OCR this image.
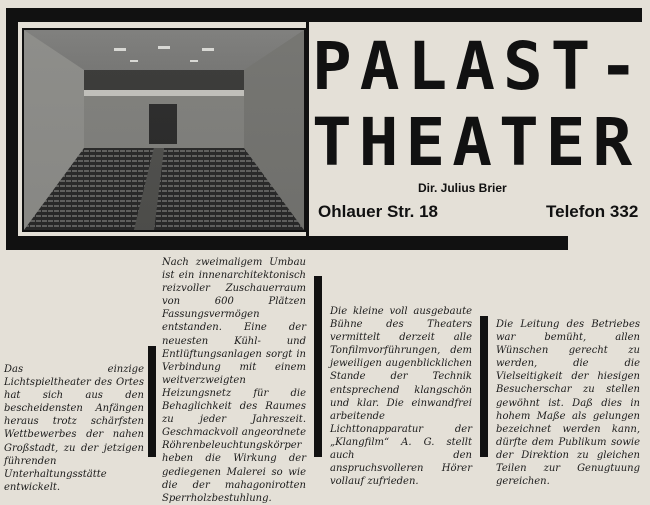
PALAST-
THEATER
Dir. Julius Brier
Ohlauer Str. 18	Telefon 332
Das einzige Lichtspieltheater des Ortes hat sich aus den bescheidensten Anfängen heraus trotz schärfsten Wettbewerbes der nahen Großstadt, zu der jetzigen führenden Unterhaltungsstätte entwickelt.
Nach zweimaligem Umbau ist ein innenarchitektonisch reizvoller Zuschauerraum von 600 Plätzen Fassungsvermögen entstanden. Eine der neuesten Kühl- und Entlüftungsanlagen sorgt in Verbindung mit einem weitverzweigten Heizungsnetz für die Behaglichkeit des Raumes zu jeder Jahreszeit. Geschmackvoll angeordnete Röhrenbeleuchtungskörper heben die Wirkung der gediegenen Malerei so wie die der mahagonirotten Sperrholzbestuhlung.
Die kleine voll ausgebaute Bühne des Theaters vermittelt derzeit alle Tonfilmvorführungen, dem jeweiligen augenblicklichen Stande der Technik entsprechend klangschön und klar. Die einwandfrei arbeitende Lichttonapparatur der „Klangfilm“ A. G. stellt auch den anspruchsvolleren Hörer vollauf zufrieden.
Die Leitung des Betriebes war bemüht, allen Wünschen gerecht zu werden, die die Vielseitigkeit der hiesigen Besucherschar zu stellen gewöhnt ist. Daß dies in hohem Maße als gelungen bezeichnet werden kann, dürfte dem Publikum sowie der Direktion zu gleichen Teilen zur Genugtuung gereichen.
